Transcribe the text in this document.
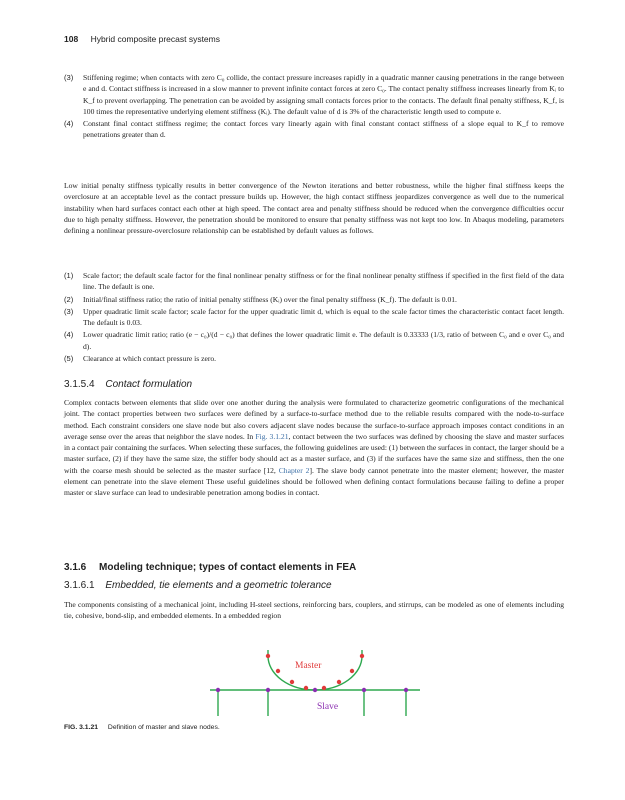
108 Hybrid composite precast systems
(3) Stiffening regime; when contacts with zero C₀ collide, the contact pressure increases rapidly in a quadratic manner causing penetrations in the range between e and d. Contact stiffness is increased in a slow manner to prevent infinite contact forces at zero C₀. The contact penalty stiffness increases linearly from Kᵢ to K_f to prevent overlapping. The penetration can be avoided by assigning small contacts forces prior to the contacts. The default final penalty stiffness, K_f, is 100 times the representative underlying element stiffness (Kᵢ). The default value of d is 3% of the characteristic length used to compute e.

(4) Constant final contact stiffness regime; the contact forces vary linearly again with final constant contact stiffness of a slope equal to K_f to remove penetrations greater than d.

Low initial penalty stiffness typically results in better convergence of the Newton iterations and better robustness, while the higher final stiffness keeps the overclosure at an acceptable level as the contact pressure builds up. However, the high contact stiffness jeopardizes convergence as well due to the numerical instability when hard surfaces contact each other at high speed. The contact area and penalty stiffness should be reduced when the convergence difficulties occur due to high penalty stiffness. However, the penetration should be monitored to ensure that penalty stiffness was not kept too low. In Abaqus modeling, parameters defining a nonlinear pressure-overclosure relationship can be established by default values as follows.

(1) Scale factor; the default scale factor for the final nonlinear penalty stiffness or for the final nonlinear penalty stiffness if specified in the first field of the data line. The default is one.

(2) Initial/final stiffness ratio; the ratio of initial penalty stiffness (Kᵢ) over the final penalty stiffness (K_f). The default is 0.01.

(3) Upper quadratic limit scale factor; scale factor for the upper quadratic limit d, which is equal to the scale factor times the characteristic contact facet length. The default is 0.03.

(4) Lower quadratic limit ratio; ratio (e − c₀)/(d − c₀) that defines the lower quadratic limit e. The default is 0.33333 (1/3, ratio of between C₀ and e over C₀ and d).

(5) Clearance at which contact pressure is zero.

3.1.5.4 Contact formulation

Complex contacts between elements that slide over one another during the analysis were formulated to characterize geometric configurations of the mechanical joint. The contact properties between two surfaces were defined by a surface-to-surface method due to the reliable results compared with the node-to-surface method. Each constraint considers one slave node but also covers adjacent slave nodes because the surface-to-surface approach imposes contact conditions in an average sense over the areas that neighbor the slave nodes. In Fig. 3.1.21, contact between the two surfaces was defined by choosing the slave and master surfaces in a contact pair containing the surfaces. When selecting these surfaces, the following guidelines are used: (1) between the surfaces in contact, the larger should be a master surface, (2) if they have the same size, the stiffer body should act as a master surface, and (3) if the surfaces have the same size and stiffness, then the one with the coarse mesh should be selected as the master surface [12, Chapter 2]. The slave body cannot penetrate into the master element; however, the master element can penetrate into the slave element These useful guidelines should be followed when defining contact formulations because failing to define a proper master or slave surface can lead to undesirable penetration among bodies in contact.

3.1.6 Modeling technique; types of contact elements in FEA
3.1.6.1 Embedded, tie elements and a geometric tolerance

The components consisting of a mechanical joint, including H-steel sections, reinforcing bars, couplers, and stirrups, can be modeled as one of elements including tie, cohesive, bond-slip, and embedded elements. In a embedded region

Master
Slave
FIG. 3.1.21 Definition of master and slave nodes.
